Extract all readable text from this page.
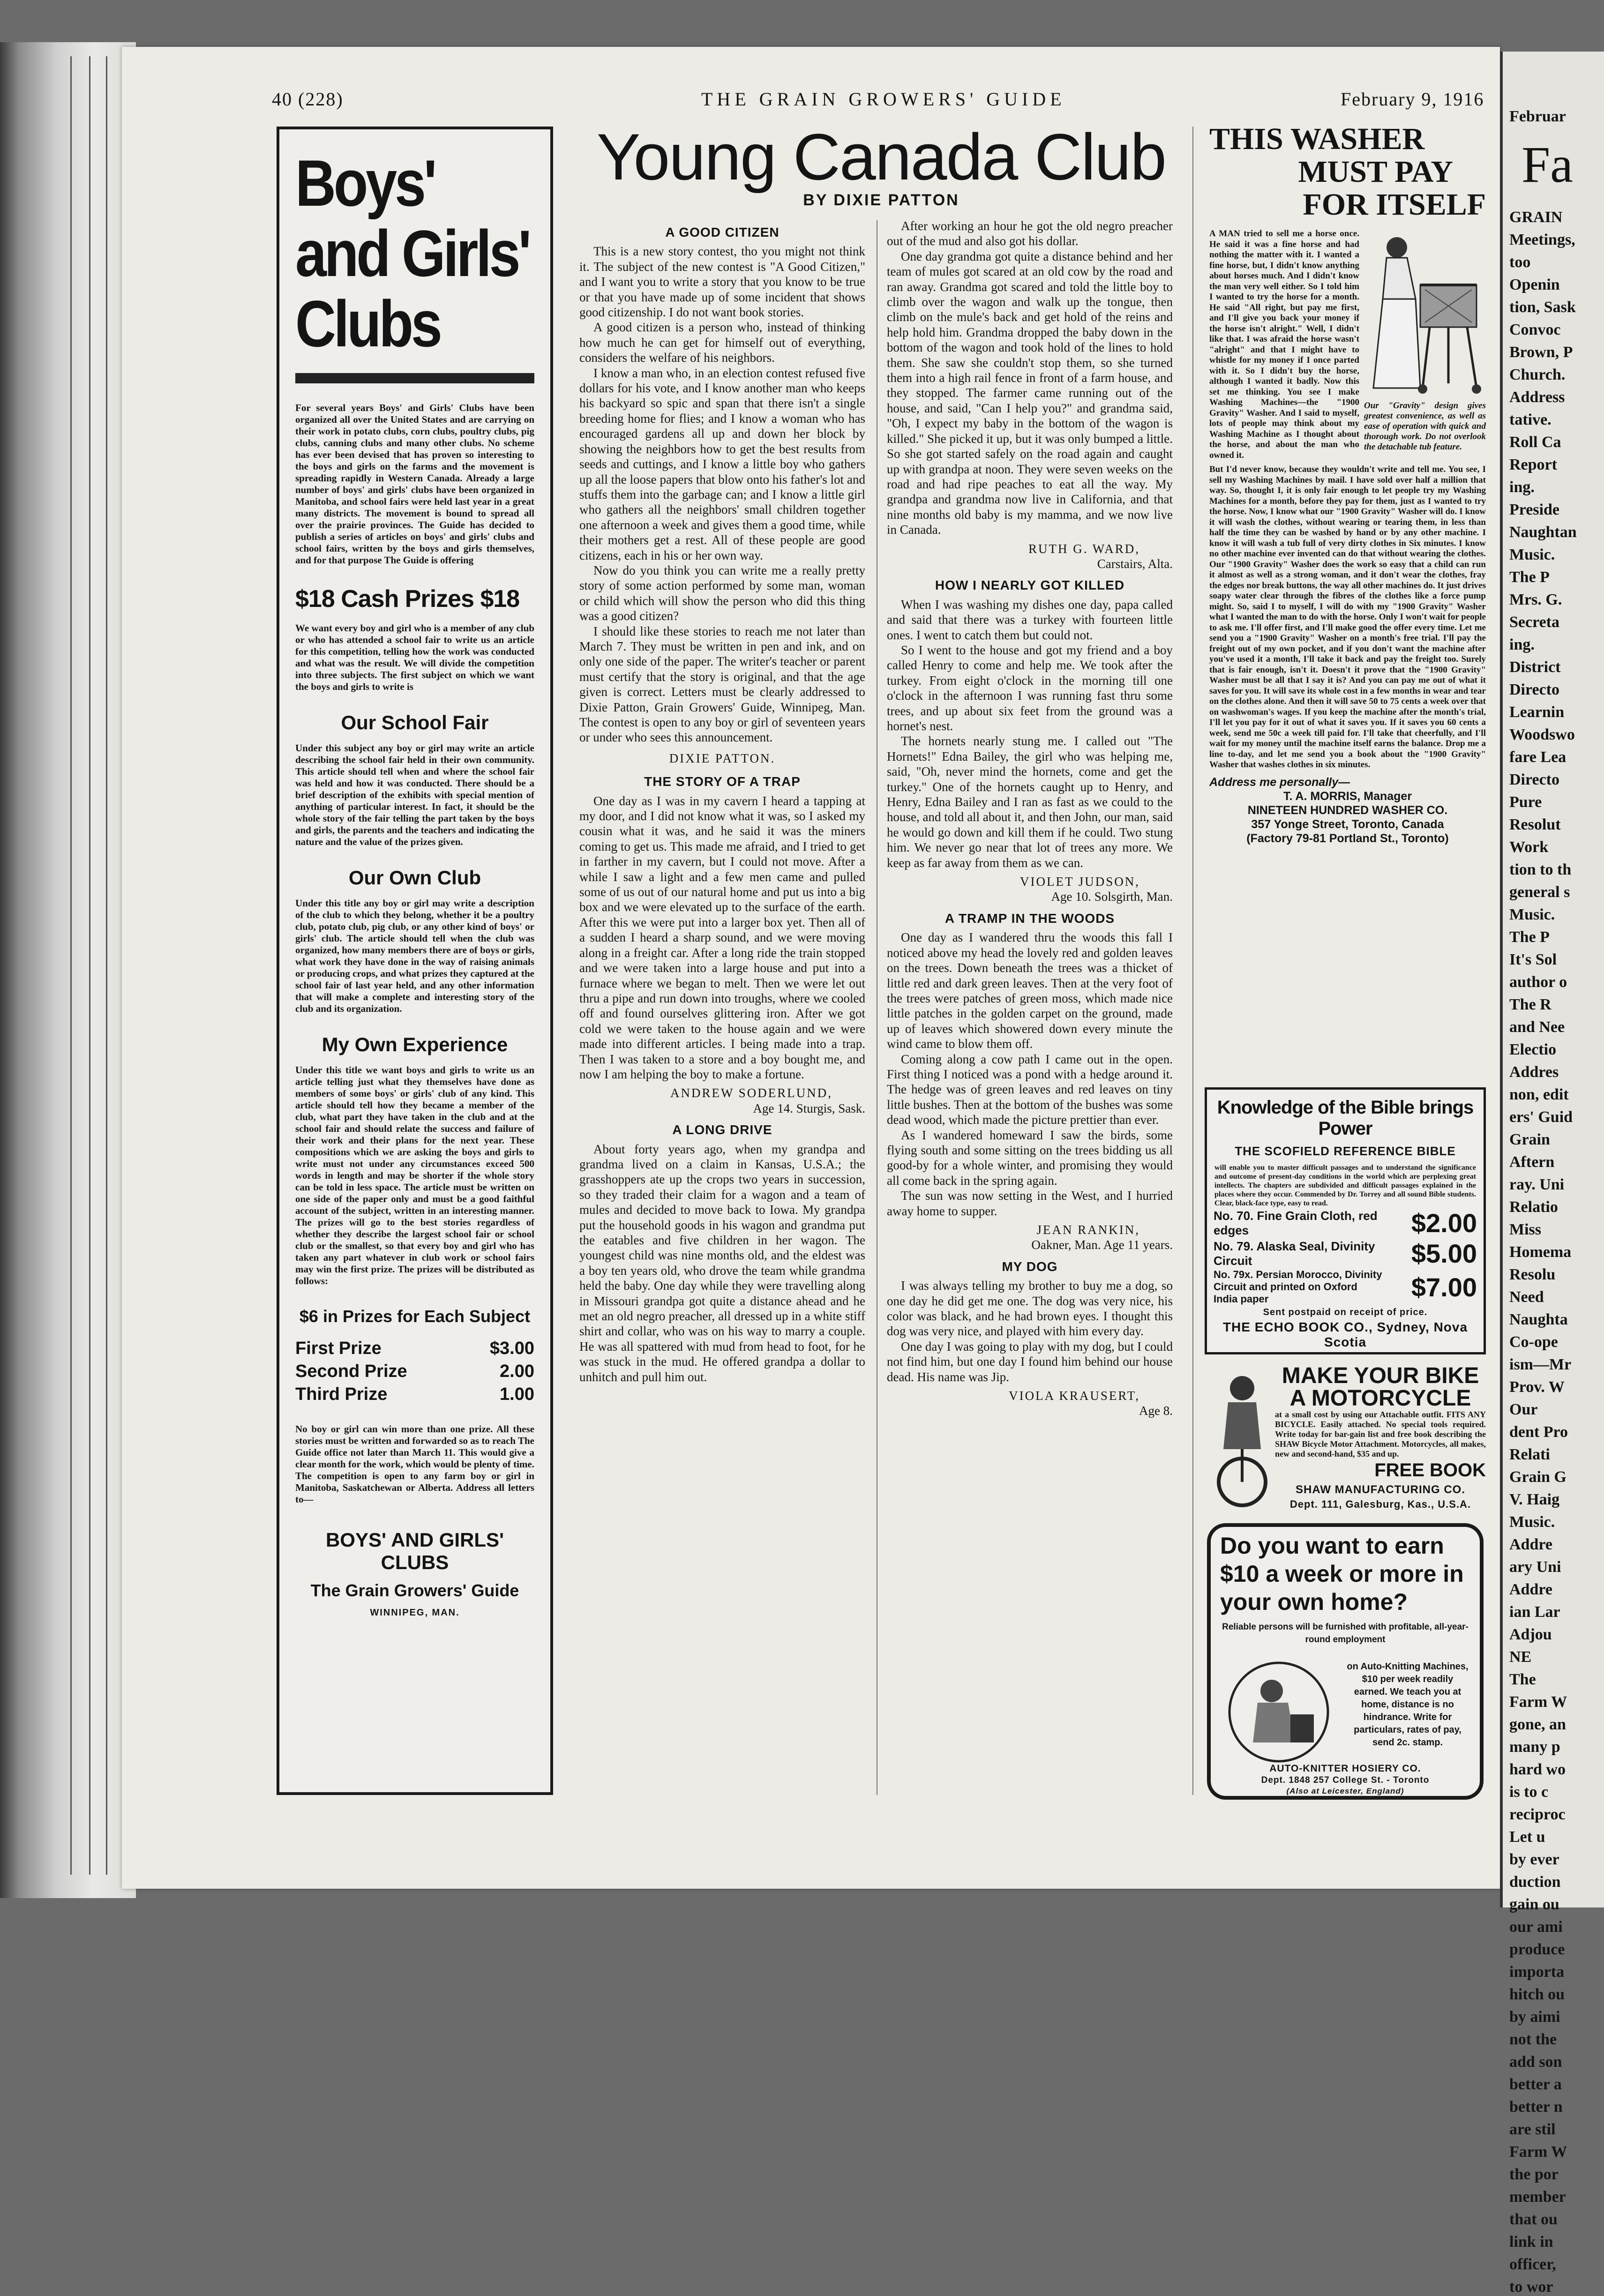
Februar
Fa
GRAIN
Meetings,
too
Openin
tion, Sask
Convoc
Brown, P
Church.
Address
tative.
Roll Ca
Report
ing.
Preside
Naughtan
Music.
The P
Mrs. G.
Secreta
ing.
District
Directo
Learnin
Woodswo
fare Lea
Directo
Pure
Resolut
Work
tion to th
general s
Music.
The P
It's Sol
author o
The R
and Nee
Electio
Addres
non, edit
ers' Guid
Grain
Aftern
ray. Uni
Relatio
Miss
Homema
Resolu
Need
Naughta
Co-ope
ism—Mr
Prov. W
Our
dent Pro
Relati
Grain G
V. Haig
Music.
Addre
ary Uni
Addre
ian Lar
Adjou
NE
The
Farm W
gone, an
many p
hard wo
is to c
reciproc
Let u
by ever
duction
gain ou
our ami
produce
importa
hitch ou
by aimi
not the
add son
better a
better n
are stil
Farm W
the por
member
that ou
link in
officer,
to wor
40 (228)	THE GRAIN GROWERS' GUIDE	February 9, 1916
Boys'
and Girls'
Clubs
For several years Boys' and Girls' Clubs have been organized all over the United States and are carrying on their work in potato clubs, corn clubs, poultry clubs, pig clubs, canning clubs and many other clubs. No scheme has ever been devised that has proven so interesting to the boys and girls on the farms and the movement is spreading rapidly in Western Canada. Already a large number of boys' and girls' clubs have been organized in Manitoba, and school fairs were held last year in a great many districts. The movement is bound to spread all over the prairie provinces. The Guide has decided to publish a series of articles on boys' and girls' clubs and school fairs, written by the boys and girls themselves, and for that purpose The Guide is offering
$18 Cash Prizes $18
We want every boy and girl who is a member of any club or who has attended a school fair to write us an article for this competition, telling how the work was conducted and what was the result. We will divide the competition into three subjects. The first subject on which we want the boys and girls to write is
Our School Fair
Under this subject any boy or girl may write an article describing the school fair held in their own community. This article should tell when and where the school fair was held and how it was conducted. There should be a brief description of the exhibits with special mention of anything of particular interest. In fact, it should be the whole story of the fair telling the part taken by the boys and girls, the parents and the teachers and indicating the nature and the value of the prizes given.
Our Own Club
Under this title any boy or girl may write a description of the club to which they belong, whether it be a poultry club, potato club, pig club, or any other kind of boys' or girls' club. The article should tell when the club was organized, how many members there are of boys or girls, what work they have done in the way of raising animals or producing crops, and what prizes they captured at the school fair of last year held, and any other information that will make a complete and interesting story of the club and its organization.
My Own Experience
Under this title we want boys and girls to write us an article telling just what they themselves have done as members of some boys' or girls' club of any kind. This article should tell how they became a member of the club, what part they have taken in the club and at the school fair and should relate the success and failure of their work and their plans for the next year. These compositions which we are asking the boys and girls to write must not under any circumstances exceed 500 words in length and may be shorter if the whole story can be told in less space. The article must be written on one side of the paper only and must be a good faithful account of the subject, written in an interesting manner. The prizes will go to the best stories regardless of whether they describe the largest school fair or school club or the smallest, so that every boy and girl who has taken any part whatever in club work or school fairs may win the first prize. The prizes will be distributed as follows:
$6 in Prizes for Each Subject
First Prize	$3.00
Second Prize	2.00
Third Prize	1.00
No boy or girl can win more than one prize. All these stories must be written and forwarded so as to reach The Guide office not later than March 11. This would give a clear month for the work, which would be plenty of time. The competition is open to any farm boy or girl in Manitoba, Saskatchewan or Alberta. Address all letters to—
BOYS' AND GIRLS' CLUBS
The Grain Growers' Guide
WINNIPEG, MAN.
Young Canada Club
BY DIXIE PATTON
A GOOD CITIZEN

This is a new story contest, tho you might not think it. The subject of the new contest is "A Good Citizen," and I want you to write a story that you know to be true or that you have made up of some incident that shows good citizenship. I do not want book stories.

A good citizen is a person who, instead of thinking how much he can get for himself out of everything, considers the welfare of his neighbors.

I know a man who, in an election contest refused five dollars for his vote, and I know another man who keeps his backyard so spic and span that there isn't a single breeding home for flies; and I know a woman who has encouraged gardens all up and down her block by showing the neighbors how to get the best results from seeds and cuttings, and I know a little boy who gathers up all the loose papers that blow onto his father's lot and stuffs them into the garbage can; and I know a little girl who gathers all the neighbors' small children together one afternoon a week and gives them a good time, while their mothers get a rest. All of these people are good citizens, each in his or her own way.

Now do you think you can write me a really pretty story of some action performed by some man, woman or child which will show the person who did this thing was a good citizen?

I should like these stories to reach me not later than March 7. They must be written in pen and ink, and on only one side of the paper. The writer's teacher or parent must certify that the story is original, and that the age given is correct. Letters must be clearly addressed to Dixie Patton, Grain Growers' Guide, Winnipeg, Man. The contest is open to any boy or girl of seventeen years or under who sees this announcement.

DIXIE PATTON.

THE STORY OF A TRAP

One day as I was in my cavern I heard a tapping at my door, and I did not know what it was, so I asked my cousin what it was, and he said it was the miners coming to get us. This made me afraid, and I tried to get in farther in my cavern, but I could not move. After a while I saw a light and a few men came and pulled some of us out of our natural home and put us into a big box and we were elevated up to the surface of the earth. After this we were put into a larger box yet. Then all of a sudden I heard a sharp sound, and we were moving along in a freight car. After a long ride the train stopped and we were taken into a large house and put into a furnace where we began to melt. Then we were let out thru a pipe and run down into troughs, where we cooled off and found ourselves glittering iron. After we got cold we were taken to the house again and we were made into different articles. I being made into a trap. Then I was taken to a store and a boy bought me, and now I am helping the boy to make a fortune.

ANDREW SODERLUND,

Age 14. Sturgis, Sask.

A LONG DRIVE

About forty years ago, when my grandpa and grandma lived on a claim in Kansas, U.S.A.; the grasshoppers ate up the crops two years in succession, so they traded their claim for a wagon and a team of mules and decided to move back to Iowa. My grandpa put the household goods in his wagon and grandma put the eatables and five children in her wagon. The youngest child was nine months old, and the eldest was a boy ten years old, who drove the team while grandma held the baby. One day while they were travelling along in Missouri grandpa got quite a distance ahead and he met an old negro preacher, all dressed up in a white stiff shirt and collar, who was on his way to marry a couple. He was all spattered with mud from head to foot, for he was stuck in the mud. He offered grandpa a dollar to unhitch and pull him out.

After working an hour he got the old negro preacher out of the mud and also got his dollar.

One day grandma got quite a distance behind and her team of mules got scared at an old cow by the road and ran away. Grandma got scared and told the little boy to climb over the wagon and walk up the tongue, then climb on the mule's back and get hold of the reins and help hold him. Grandma dropped the baby down in the bottom of the wagon and took hold of the lines to hold them. She saw she couldn't stop them, so she turned them into a high rail fence in front of a farm house, and they stopped. The farmer came running out of the house, and said, "Can I help you?" and grandma said, "Oh, I expect my baby in the bottom of the wagon is killed." She picked it up, but it was only bumped a little. So she got started safely on the road again and caught up with grandpa at noon. They were seven weeks on the road and had ripe peaches to eat all the way. My grandpa and grandma now live in California, and that nine months old baby is my mamma, and we now live in Canada.

RUTH G. WARD,

Carstairs, Alta.

HOW I NEARLY GOT KILLED

When I was washing my dishes one day, papa called and said that there was a turkey with fourteen little ones. I went to catch them but could not.

So I went to the house and got my friend and a boy called Henry to come and help me. We took after the turkey. From eight o'clock in the morning till one o'clock in the afternoon I was running fast thru some trees, and up about six feet from the ground was a hornet's nest.

The hornets nearly stung me. I called out "The Hornets!" Edna Bailey, the girl who was helping me, said, "Oh, never mind the hornets, come and get the turkey." One of the hornets caught up to Henry, and Henry, Edna Bailey and I ran as fast as we could to the house, and told all about it, and then John, our man, said he would go down and kill them if he could. Two stung him. We never go near that lot of trees any more. We keep as far away from them as we can.

VIOLET JUDSON,

Age 10. Solsgirth, Man.

A TRAMP IN THE WOODS

One day as I wandered thru the woods this fall I noticed above my head the lovely red and golden leaves on the trees. Down beneath the trees was a thicket of little red and dark green leaves. Then at the very foot of the trees were patches of green moss, which made nice little patches in the golden carpet on the ground, made up of leaves which showered down every minute the wind came to blow them off.

Coming along a cow path I came out in the open. First thing I noticed was a pond with a hedge around it. The hedge was of green leaves and red leaves on tiny little bushes. Then at the bottom of the bushes was some dead wood, which made the picture prettier than ever.

As I wandered homeward I saw the birds, some flying south and some sitting on the trees bidding us all good-by for a whole winter, and promising they would all come back in the spring again.

The sun was now setting in the West, and I hurried away home to supper.

JEAN RANKIN,

Oakner, Man. Age 11 years.

MY DOG

I was always telling my brother to buy me a dog, so one day he did get me one. The dog was very nice, his color was black, and he had brown eyes. I thought this dog was very nice, and played with him every day.

One day I was going to play with my dog, but I could not find him, but one day I found him behind our house dead. His name was Jip.

VIOLA KRAUSERT,

Age 8.

THIS WASHER
MUST PAY
FOR ITSELF
Our "Gravity" design gives greatest convenience, as well as ease of operation with quick and thorough work. Do not overlook the detachable tub feature.
A MAN tried to sell me a horse once. He said it was a fine horse and had nothing the matter with it. I wanted a fine horse, but, I didn't know anything about horses much. And I didn't know the man very well either. So I told him I wanted to try the horse for a month. He said "All right, but pay me first, and I'll give you back your money if the horse isn't alright." Well, I didn't like that. I was afraid the horse wasn't "alright" and that I might have to whistle for my money if I once parted with it. So I didn't buy the horse, although I wanted it badly. Now this set me thinking. You see I make Washing Machines—the "1900 Gravity" Washer. And I said to myself, lots of people may think about my Washing Machine as I thought about the horse, and about the man who owned it.

But I'd never know, because they wouldn't write and tell me. You see, I sell my Washing Machines by mail. I have sold over half a million that way. So, thought I, it is only fair enough to let people try my Washing Machines for a month, before they pay for them, just as I wanted to try the horse. Now, I know what our "1900 Gravity" Washer will do. I know it will wash the clothes, without wearing or tearing them, in less than half the time they can be washed by hand or by any other machine. I know it will wash a tub full of very dirty clothes in Six minutes. I know no other machine ever invented can do that without wearing the clothes. Our "1900 Gravity" Washer does the work so easy that a child can run it almost as well as a strong woman, and it don't wear the clothes, fray the edges nor break buttons, the way all other machines do. It just drives soapy water clear through the fibres of the clothes like a force pump might. So, said I to myself, I will do with my "1900 Gravity" Washer what I wanted the man to do with the horse. Only I won't wait for people to ask me. I'll offer first, and I'll make good the offer every time. Let me send you a "1900 Gravity" Washer on a month's free trial. I'll pay the freight out of my own pocket, and if you don't want the machine after you've used it a month, I'll take it back and pay the freight too. Surely that is fair enough, isn't it. Doesn't it prove that the "1900 Gravity" Washer must be all that I say it is? And you can pay me out of what it saves for you. It will save its whole cost in a few months in wear and tear on the clothes alone. And then it will save 50 to 75 cents a week over that on washwoman's wages. If you keep the machine after the month's trial, I'll let you pay for it out of what it saves you. If it saves you 60 cents a week, send me 50c a week till paid for. I'll take that cheerfully, and I'll wait for my money until the machine itself earns the balance. Drop me a line to-day, and let me send you a book about the "1900 Gravity" Washer that washes clothes in six minutes.

Address me personally—
T. A. MORRIS, Manager
NINETEEN HUNDRED WASHER CO.
357 Yonge Street, Toronto, Canada
(Factory 79-81 Portland St., Toronto)
Knowledge of the Bible brings Power
THE SCOFIELD REFERENCE BIBLE
will enable you to master difficult passages and to understand the significance and outcome of present-day conditions in the world which are perplexing great intellects. The chapters are subdivided and difficult passages explained in the places where they occur. Commended by Dr. Torrey and all sound Bible students. Clear, black-face type, easy to read.
No. 70. Fine Grain Cloth, red edges	$2.00
No. 79. Alaska Seal, Divinity Circuit	$5.00
No. 79x. Persian Morocco, Divinity Circuit and printed on Oxford India paper	$7.00
Sent postpaid on receipt of price.
THE ECHO BOOK CO., Sydney, Nova Scotia
MAKE YOUR BIKE
A MOTORCYCLE
at a small cost by using our Attachable outfit. FITS ANY BICYCLE. Easily attached. No special tools required. Write today for bar-gain list and free book describing the SHAW Bicycle Motor Attachment. Motorcycles, all makes, new and second-hand, $35 and up.
FREE BOOK
SHAW MANUFACTURING CO.
Dept. 111, Galesburg, Kas., U.S.A.
Do you want to earn $10 a week or more in your own home?
Reliable persons will be furnished with profitable, all-year-round employment
on Auto-Knitting Machines, $10 per week readily earned. We teach you at home, distance is no hindrance. Write for particulars, rates of pay, send 2c. stamp.
AUTO-KNITTER HOSIERY CO.
Dept. 1848 257 College St. - Toronto
(Also at Leicester, England)
